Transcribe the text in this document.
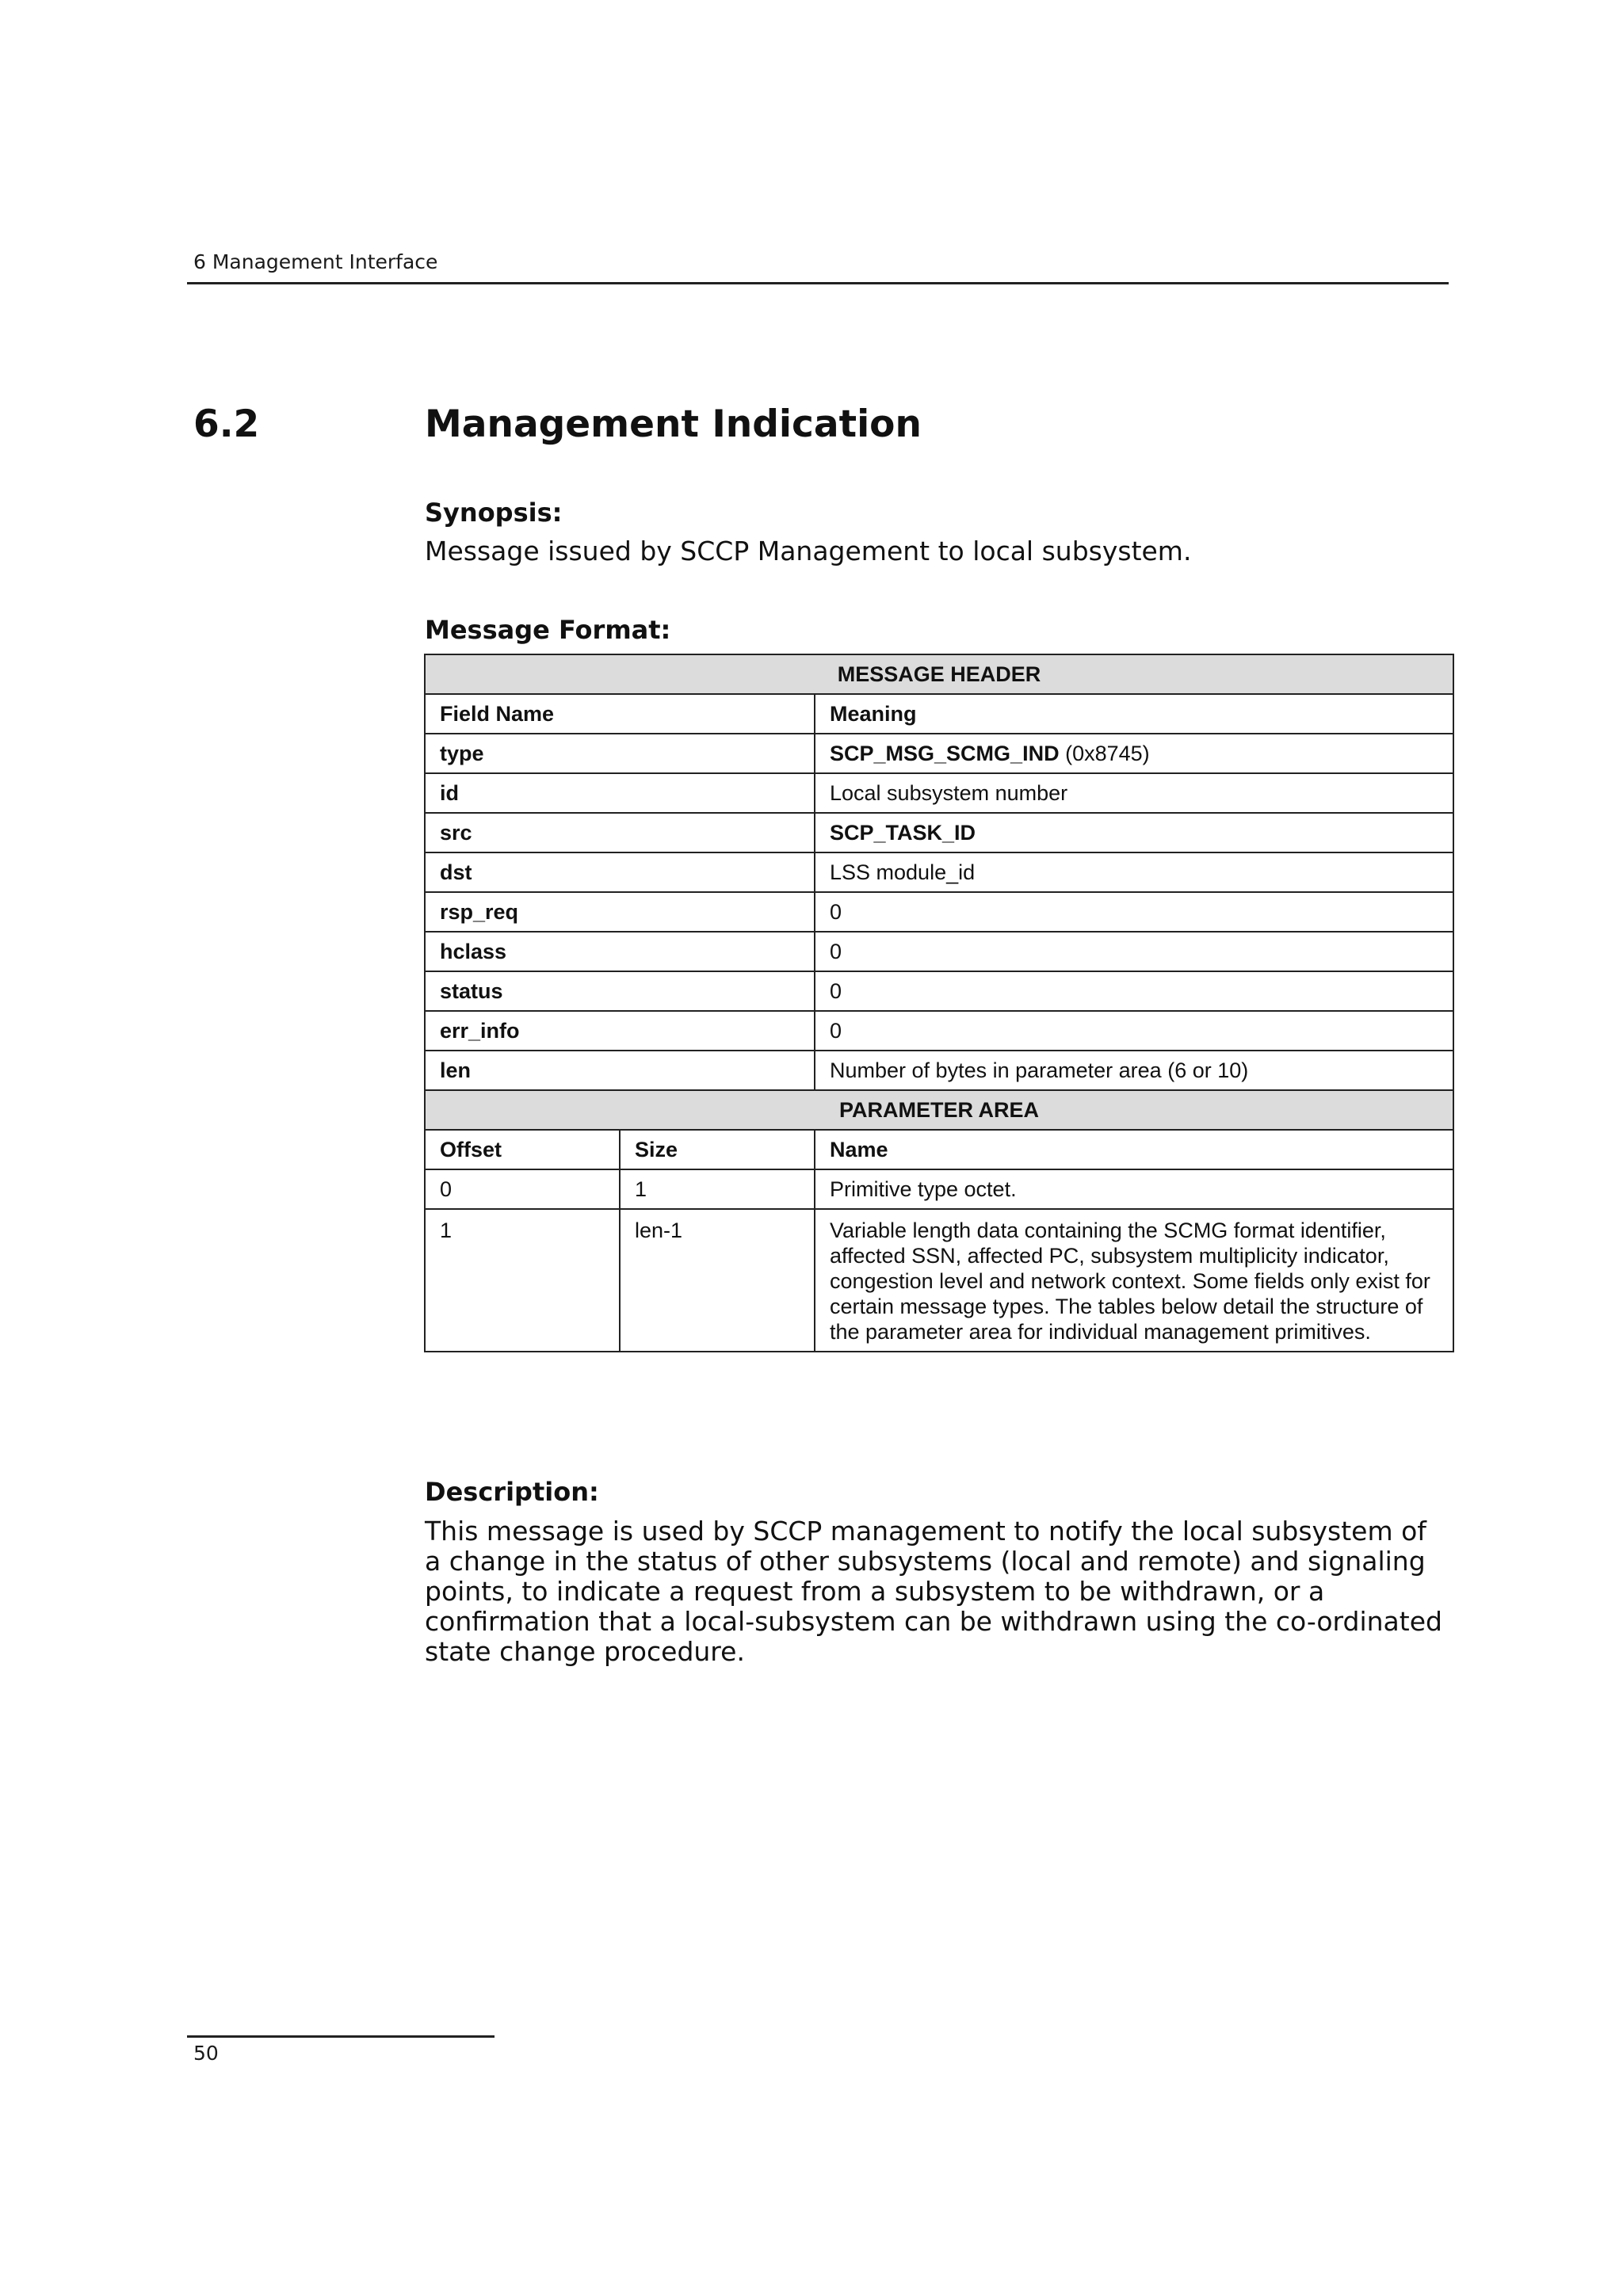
6 Management Interface
6.2	Management Indication
Synopsis:
Message issued by SCCP Management to local subsystem.
Message Format:
MESSAGE HEADER		
Field Name		Meaning
type		SCP_MSG_SCMG_IND (0x8745)
id		Local subsystem number
src		SCP_TASK_ID
dst		LSS module_id
rsp_req		0
hclass		0
status		0
err_info		0
len		Number of bytes in parameter area (6 or 10)
PARAMETER AREA		
Offset	Size	Name
0	1	Primitive type octet.
1	len-1	Variable length data containing the SCMG format identifier, affected SSN, affected PC, subsystem multiplicity indicator, congestion level and network context. Some fields only exist for certain message types. The tables below detail the structure of the parameter area for individual management primitives.
Description:
This message is used by SCCP management to notify the local subsystem of a change in the status of other subsystems (local and remote) and signaling points, to indicate a request from a subsystem to be withdrawn, or a confirmation that a local-subsystem can be withdrawn using the co-ordinated state change procedure.
50
